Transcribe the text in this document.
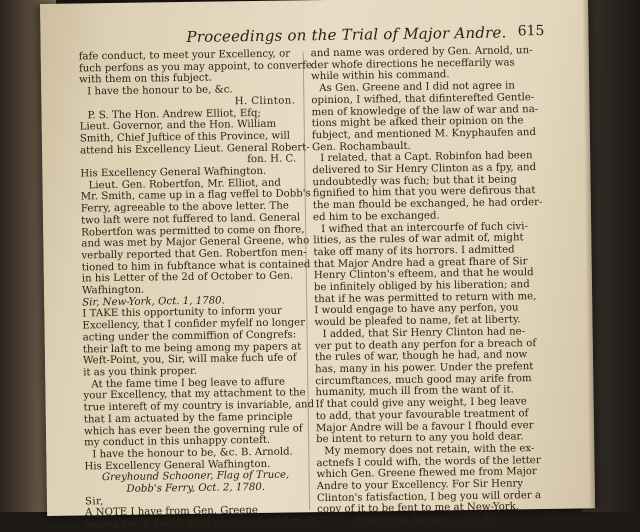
Proceedings on the Trial of Major Andre. 615
fafe conduct, to meet your Excellency, or
fuch perfons as you may appoint, to converfe
with them on this fubject.
I have the honour to be, &c.
H. Clinton.
P. S. The Hon. Andrew Elliot, Efq;
Lieut. Governor, and the Hon. William
Smith, Chief Juftice of this Province, will
attend his Excellency Lieut. General Robert-
fon. H. C.
His Excellency General Wafhington.
Lieut. Gen. Robertfon, Mr. Elliot, and
Mr. Smith, came up in a flag veffel to Dobb's
Ferry, agreeable to the above letter. The
two laft were not fuffered to land. General
Robertfon was permitted to come on fhore,
and was met by Major General Greene, who
verbally reported that Gen. Robertfon men-
tioned to him in fubftance what is contained
in his Letter of the 2d of October to Gen.
Wafhington.
Sir, New-York, Oct. 1, 1780.
I TAKE this opportunity to inform your
Excellency, that I confider myfelf no longer
acting under the commiffion of Congrefs:
their laft to me being among my papers at
Weft-Point, you, Sir, will make fuch ufe of
it as you think proper.
At the fame time I beg leave to affure
your Excellency, that my attachment to the
true intereft of my country is invariable, and
that I am actuated by the fame principle
which has ever been the governing rule of
my conduct in this unhappy conteft.
I have the honour to be, &c. B. Arnold.
His Excellency General Wafhington.
Greyhound Schooner, Flag of Truce,
Dobb's Ferry, Oct. 2, 1780.
Sir,
A NOTE I have from Gen. Greene
leaves me in doubt if his memory had ferved
and name was ordered by Gen. Arnold, un-
der whofe directions he neceffarily was
while within his command.
As Gen. Greene and I did not agree in
opinion, I wifhed, that difinterefted Gentle-
men of knowledge of the law of war and na-
tions might be afked their opinion on the
fubject, and mentioned M. Knyphaufen and
Gen. Rochambault.
I related, that a Capt. Robinfon had been
delivered to Sir Henry Clinton as a fpy, and
undoubtedly was fuch; but that it being
fignified to him that you were defirous that
the man fhould be exchanged, he had order-
ed him to be exchanged.
I wifhed that an intercourfe of fuch civi-
lities, as the rules of war admit of, might
take off many of its horrors. I admitted
that Major Andre had a great fhare of Sir
Henry Clinton's efteem, and that he would
be infinitely obliged by his liberation; and
that if he was permitted to return with me,
I would engage to have any perfon, you
would be pleafed to name, fet at liberty.
I added, that Sir Henry Clinton had ne-
ver put to death any perfon for a breach of
the rules of war, though he had, and now
has, many in his power. Under the prefent
circumftances, much good may arife from
humanity, much ill from the want of it.
If that could give any weight, I beg leave
to add, that your favourable treatment of
Major Andre will be a favour I fhould ever
be intent to return to any you hold dear.
My memory does not retain, with the ex-
actnefs I could wifh, the words of the letter
which Gen. Greene fhewed me from Major
Andre to your Excellency. For Sir Henry
Clinton's fatisfaction, I beg you will order a
copy of it to be fent to me at New-York.
I have the honour to be, &c
